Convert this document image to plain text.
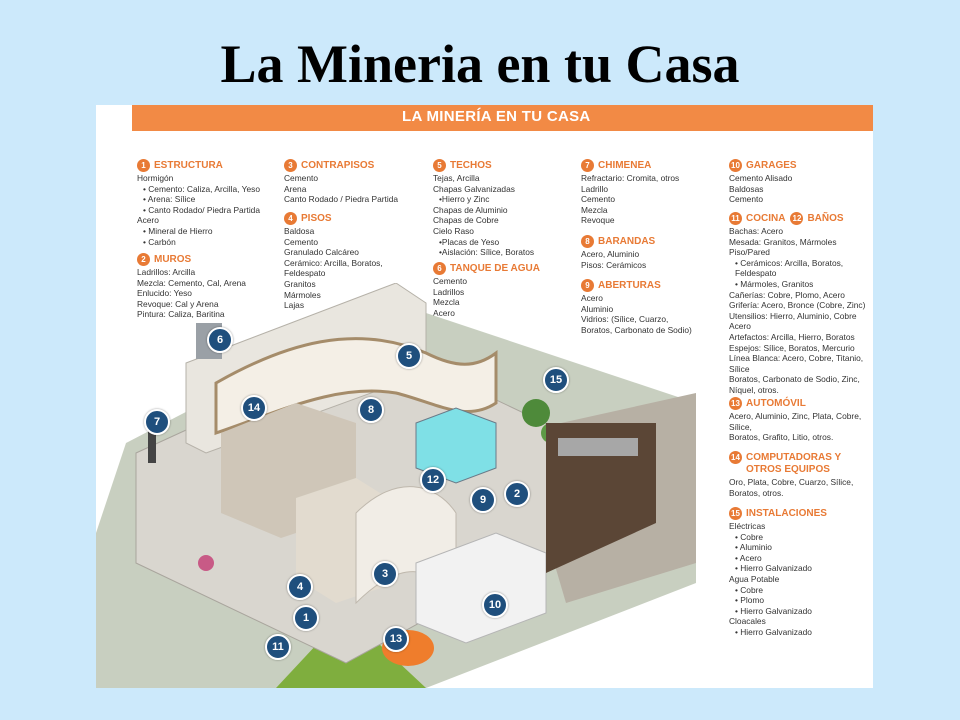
La Mineria en tu Casa
LA MINERÍA EN TU CASA
1 ESTRUCTURA
Hormigón
• Cemento: Caliza, Arcilla, Yeso
• Arena: Sílice
• Canto Rodado/ Piedra Partida
Acero
• Mineral de Hierro
• Carbón
2 MUROS
Ladrillos: Arcilla
Mezcla: Cemento, Cal, Arena
Enlucido: Yeso
Revoque: Cal y Arena
Pintura: Caliza, Baritina
3 CONTRAPISOS
Cemento
Arena
Canto Rodado / Piedra Partida
4 PISOS
Baldosa
Cemento
Granulado Calcáreo
Cerámico: Arcilla, Boratos,
Feldespato
Granitos
Mármoles
Lajas
5 TECHOS
Tejas, Arcilla
Chapas Galvanizadas
•Hierro y Zinc
Chapas de Aluminio
Chapas de Cobre
Cielo Raso
•Placas de Yeso
•Aislación: Sílice, Boratos
6 TANQUE DE AGUA
Cemento
Ladrillos
Mezcla
Acero
7 CHIMENEA
Refractario: Cromita, otros
Ladrillo
Cemento
Mezcla
Revoque
8 BARANDAS
Acero, Aluminio
Pisos: Cerámicos
9 ABERTURAS
Acero
Aluminio
Vidrios: (Sílice, Cuarzo,
Boratos, Carbonato de Sodio)
10 GARAGES
Cemento Alisado
Baldosas
Cemento
11 COCINA 12 BAÑOS
Bachas: Acero
Mesada: Granitos, Mármoles
Piso/Pared
• Cerámicos: Arcilla, Boratos,
Feldespato
• Mármoles, Granitos
Cañerías: Cobre, Plomo, Acero
Grifería: Acero, Bronce (Cobre, Zinc)
Utensilios: Hierro, Aluminio, Cobre
Acero
Artefactos: Arcilla, Hierro, Boratos
Espejos: Sílice, Boratos, Mercurio
Línea Blanca: Acero, Cobre, Titanio,
Sílice
Boratos, Carbonato de Sodio, Zinc,
Níquel, otros.
13 AUTOMÓVIL
Acero, Aluminio, Zinc, Plata, Cobre,
Sílice,
Boratos, Grafito, Litio, otros.
14 COMPUTADORAS Y
OTROS EQUIPOS
Oro, Plata, Cobre, Cuarzo, Sílice,
Boratos, otros.
15 INSTALACIONES
Eléctricas
• Cobre
• Aluminio
• Acero
• Hierro Galvanizado
Agua Potable
• Cobre
• Plomo
• Hierro Galvanizado
Cloacales
• Hierro Galvanizado
6
5
7
14	8
15
12
9	2
4
3
1
10
13
11
